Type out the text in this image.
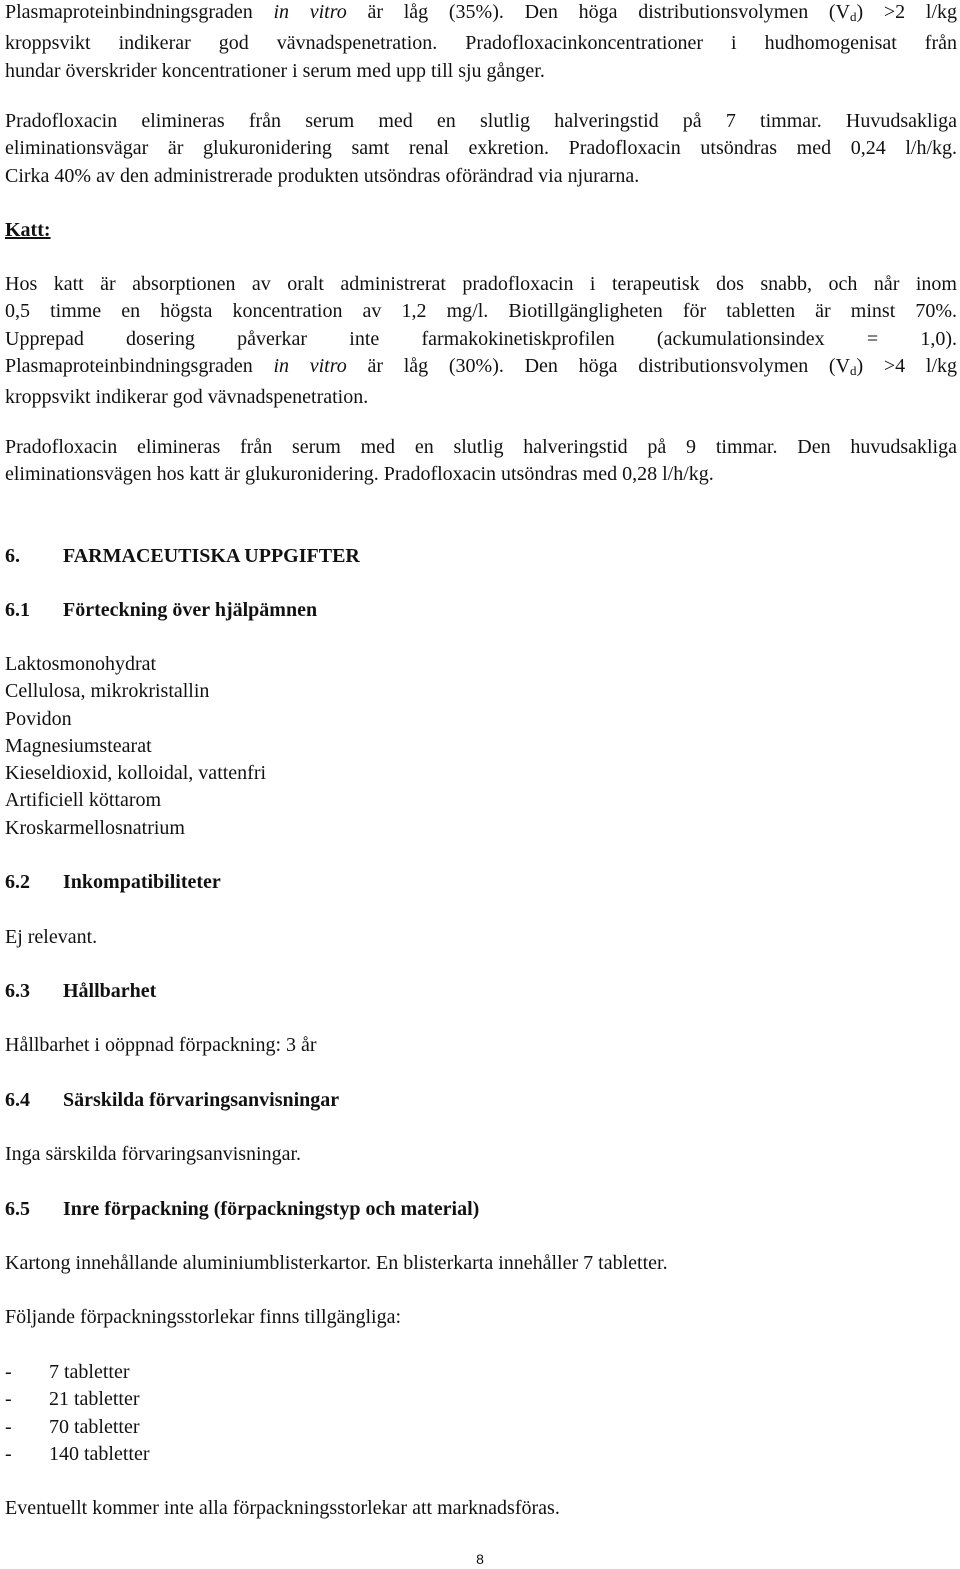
Plasmaproteinbindningsgraden in vitro är låg (35%). Den höga distributionsvolymen $(V_d) >2$ l/kg

kroppsvikt indikerar god vävnadspenetration. Pradofloxacinkoncentrationer i hudhomogenisat från

hundar överskrider koncentrationer i serum med upp till sju gånger.

Pradofloxacin elimineras från serum med en slutlig halveringstid på 7 timmar. Huvudsakliga

eliminationsvägar är glukuronidering samt renal exkretion. Pradofloxacin utsöndras med 0,24 l/h/kg.

Cirka 40% av den administrerade produkten utsöndras oförändrad via njurarna.

Katt:

Hos katt är absorptionen av oralt administrerat pradofloxacin i terapeutisk dos snabb, och når inom

0,5 timme en högsta koncentration av 1,2 mg/l. Biotillgängligheten för tabletten är minst 70%.

Upprepad dosering påverkar inte farmakokinetiskprofilen (ackumulationsindex = 1,0).

Plasmaproteinbindningsgraden in vitro är låg (30%). Den höga distributionsvolymen $(V_d) >4$ l/kg

kroppsvikt indikerar god vävnadspenetration.

Pradofloxacin elimineras från serum med en slutlig halveringstid på 9 timmar. Den huvudsakliga

eliminationsvägen hos katt är glukuronidering. Pradofloxacin utsöndras med 0,28 l/h/kg.

6. FARMACEUTISKA UPPGIFTER
6.1 Förteckning över hjälpämnen
Laktosmonohydrat
Cellulosa, mikrokristallin
Povidon
Magnesiumstearat
Kieseldioxid, kolloidal, vattenfri
Artificiell köttarom
Kroskarmellosnatrium
6.2 Inkompatibiliteter
Ej relevant.
6.3 Hållbarhet
Hållbarhet i oöppnad förpackning: 3 år
6.4 Särskilda förvaringsanvisningar
Inga särskilda förvaringsanvisningar.
6.5 Inre förpackning (förpackningstyp och material)
Kartong innehållande aluminiumblisterkartor. En blisterkarta innehåller 7 tabletter.
Följande förpackningsstorlekar finns tillgängliga:
- 7 tabletter
- 21 tabletter
- 70 tabletter
- 140 tabletter
Eventuellt kommer inte alla förpackningsstorlekar att marknadsföras.
8
